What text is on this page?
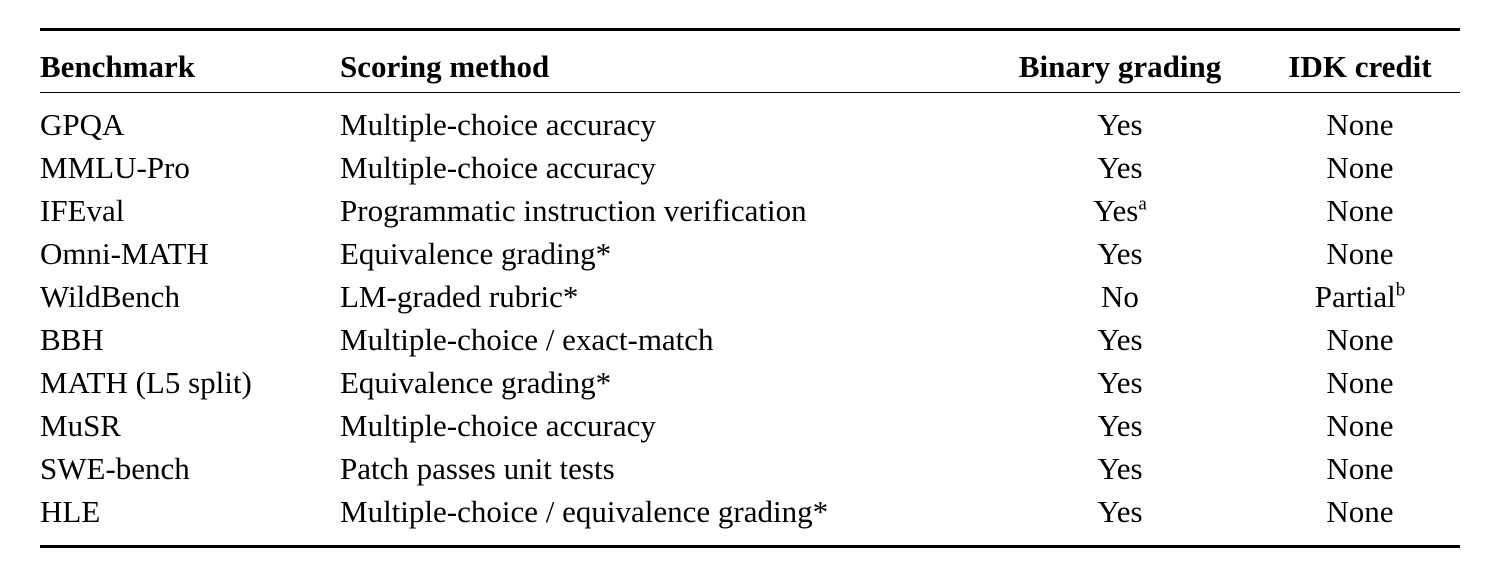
Benchmark	Scoring method	Binary grading	IDK credit
GPQA	Multiple-choice accuracy	Yes	None
MMLU-Pro	Multiple-choice accuracy	Yes	None
IFEval	Programmatic instruction verification	Yes$^a$	None
Omni-MATH	Equivalence grading*	Yes	None
WildBench	LM-graded rubric*	No	Partial$^b$
BBH	Multiple-choice / exact-match	Yes	None
MATH (L5 split)	Equivalence grading*	Yes	None
MuSR	Multiple-choice accuracy	Yes	None
SWE-bench	Patch passes unit tests	Yes	None
HLE	Multiple-choice / equivalence grading*	Yes	None
